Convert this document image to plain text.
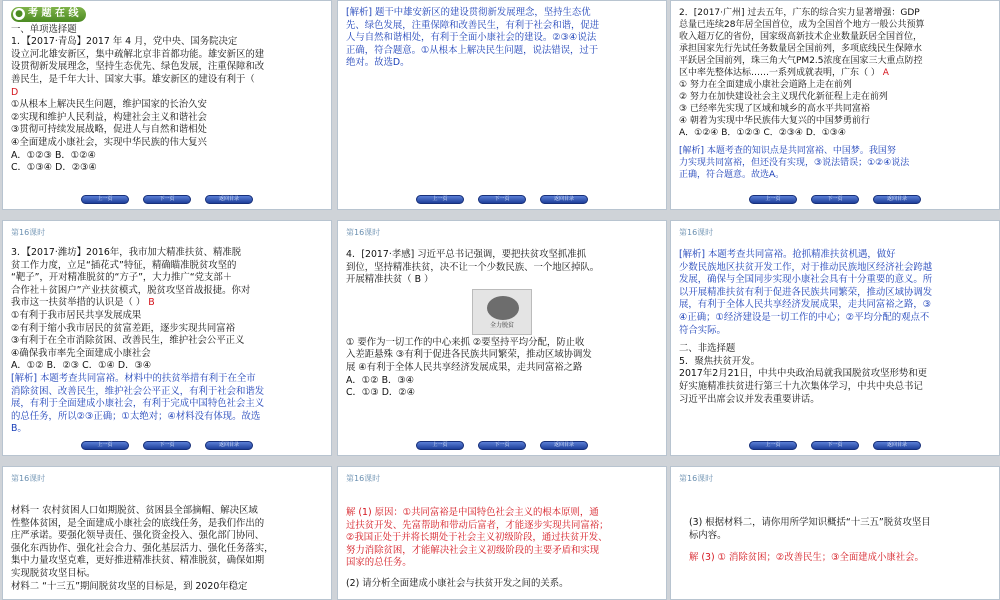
● 考 题 在 线
一、单项选择题
1．【2017·青岛】2017 年 4 月，党中央、国务院决定
设立河北雄安新区，集中疏解北京非首都功能。雄安新区的建
设贯彻新发展理念，坚持生态优先、绿色发展，注重保障和改
善民生，是千年大计、国家大事。雄安新区的建设有利于（
D
①从根本上解决民生问题，维护国家的长治久安
②实现和维护人民利益，构建社会主义和谐社会
③贯彻可持续发展战略，促进人与自然和谐相处
④全面建成小康社会，实现中华民族的伟大复兴
A．①②③ B．①②④
C．①③④ D．②③④
上一页	下一页	返回目录
[解析] 题干中雄安新区的建设贯彻新发展理念，坚持生态优
先、绿色发展，注重保障和改善民生，有利于社会和谐，促进
人与自然和谐相处，有利于全面小康社会的建设。②③④说法
正确，符合题意。①从根本上解决民生问题，说法错误，过于
绝对。故选D。
上一页	下一页	返回目录
2．[2017·广州] 过去五年，广东的综合实力显著增强：GDP
总量已连续28年居全国首位，成为全国首个地方一般公共预算
收入超万亿的省份，国家级高新技术企业数量跃居全国首位，
承担国家先行先试任务数量居全国前列，多项底线民生保障水
平跃居全国前列，珠三角大气PM2.5浓度在国家三大重点防控
区中率先整体达标……一系列成就表明，广东（ ） A
① 努力在全面建成小康社会道路上走在前列
② 努力在加快建设社会主义现代化新征程上走在前列
③ 已经率先实现了区域和城乡的高水平共同富裕
④ 朝着为实现中华民族伟大复兴的中国梦勇前行
A．①②④ B．①②③ C．②③④ D．①③④
[解析] 本题考查的知识点是共同富裕、中国梦。我国努
力实现共同富裕，但还没有实现，③说法错误；①②④说法
正确，符合题意。故选A。
上一页	下一页	返回目录
第16课时
3．【2017·潍坊】2016年，我市加大精准扶贫、精准脱
贫工作力度，立足“插花式”特征，精确瞄准脱贫攻坚的
“靶子”，开对精准脱贫的“方子”，大力推广“党支部＋
合作社＋贫困户”产业扶贫模式，脱贫攻坚首战报捷。你对
我市这一扶贫举措的认识是（ ） B
①有利于我市居民共享发展成果
②有利于缩小我市居民的贫富差距，逐步实现共同富裕
③有利于在全市消除贫困、改善民生，维护社会公平正义
④确保我市率先全面建成小康社会
A．①② B．②③ C．①④ D．③④
[解析] 本题考查共同富裕。材料中的扶贫举措有利于在全市
消除贫困、改善民生，维护社会公平正义，有利于社会和谐发
展，有利于全面建成小康社会，有利于完成中国特色社会主义
的总任务，所以②③正确；①太绝对；④材料没有体现。故选
B。
上一页	下一页	返回目录
第16课时
4．[2017·孝感] 习近平总书记强调，要把扶贫攻坚抓准抓
到位，坚持精准扶贫，决不让一个少数民族、一个地区掉队。
开展精准扶贫（ B ）
全力脱贫
① 要作为一切工作的中心来抓 ②要坚持平均分配，防止收
入差距悬殊 ③有利于促进各民族共同繁荣，推动区域协调发
展 ④有利于全体人民共享经济发展成果，走共同富裕之路
A．①② B．③④
C．①③ D．②④
上一页	下一页	返回目录
第16课时
[解析] 本题考查共同富裕。抢抓精准扶贫机遇，做好
少数民族地区扶贫开发工作，对于推动民族地区经济社会跨越
发展，确保与全国同步实现小康社会具有十分重要的意义。所
以开展精准扶贫有利于促进各民族共同繁荣，推动区域协调发
展，有利于全体人民共享经济发展成果，走共同富裕之路，③
④正确；①经济建设是一切工作的中心；②平均分配的观点不
符合实际。
二、非选择题
5．聚焦扶贫开发。
2017年2月21日，中共中央政治局就我国脱贫攻坚形势和更
好实施精准扶贫进行第三十九次集体学习，中共中央总书记
习近平出席会议并发表重要讲话。
上一页	下一页	返回目录
第16课时
材料一 农村贫困人口如期脱贫、贫困县全部摘帽、解决区域
性整体贫困，是全面建成小康社会的底线任务，是我们作出的
庄严承诺。要强化领导责任、强化资金投入、强化部门协同、
强化东西协作、强化社会合力、强化基层活力、强化任务落实，
集中力量攻坚克难，更好推进精准扶贫、精准脱贫，确保如期
实现脱贫攻坚目标。
材料二 “十三五”期间脱贫攻坚的目标是，到 2020年稳定
第16课时
解 (1) 原因：①共同富裕是中国特色社会主义的根本原则，通
过扶贫开发、先富帮助和带动后富者，才能逐步实现共同富裕；
②我国正处于并将长期处于社会主义初级阶段，通过扶贫开发、
努力消除贫困，才能解决社会主义初级阶段的主要矛盾和实现
国家的总任务。
(2) 请分析全面建成小康社会与扶贫开发之间的关系。
第16课时
(3) 根据材料二，请你用所学知识概括“十三五”脱贫攻坚目
标内容。
解 (3) ① 消除贫困；②改善民生；③全面建成小康社会。
